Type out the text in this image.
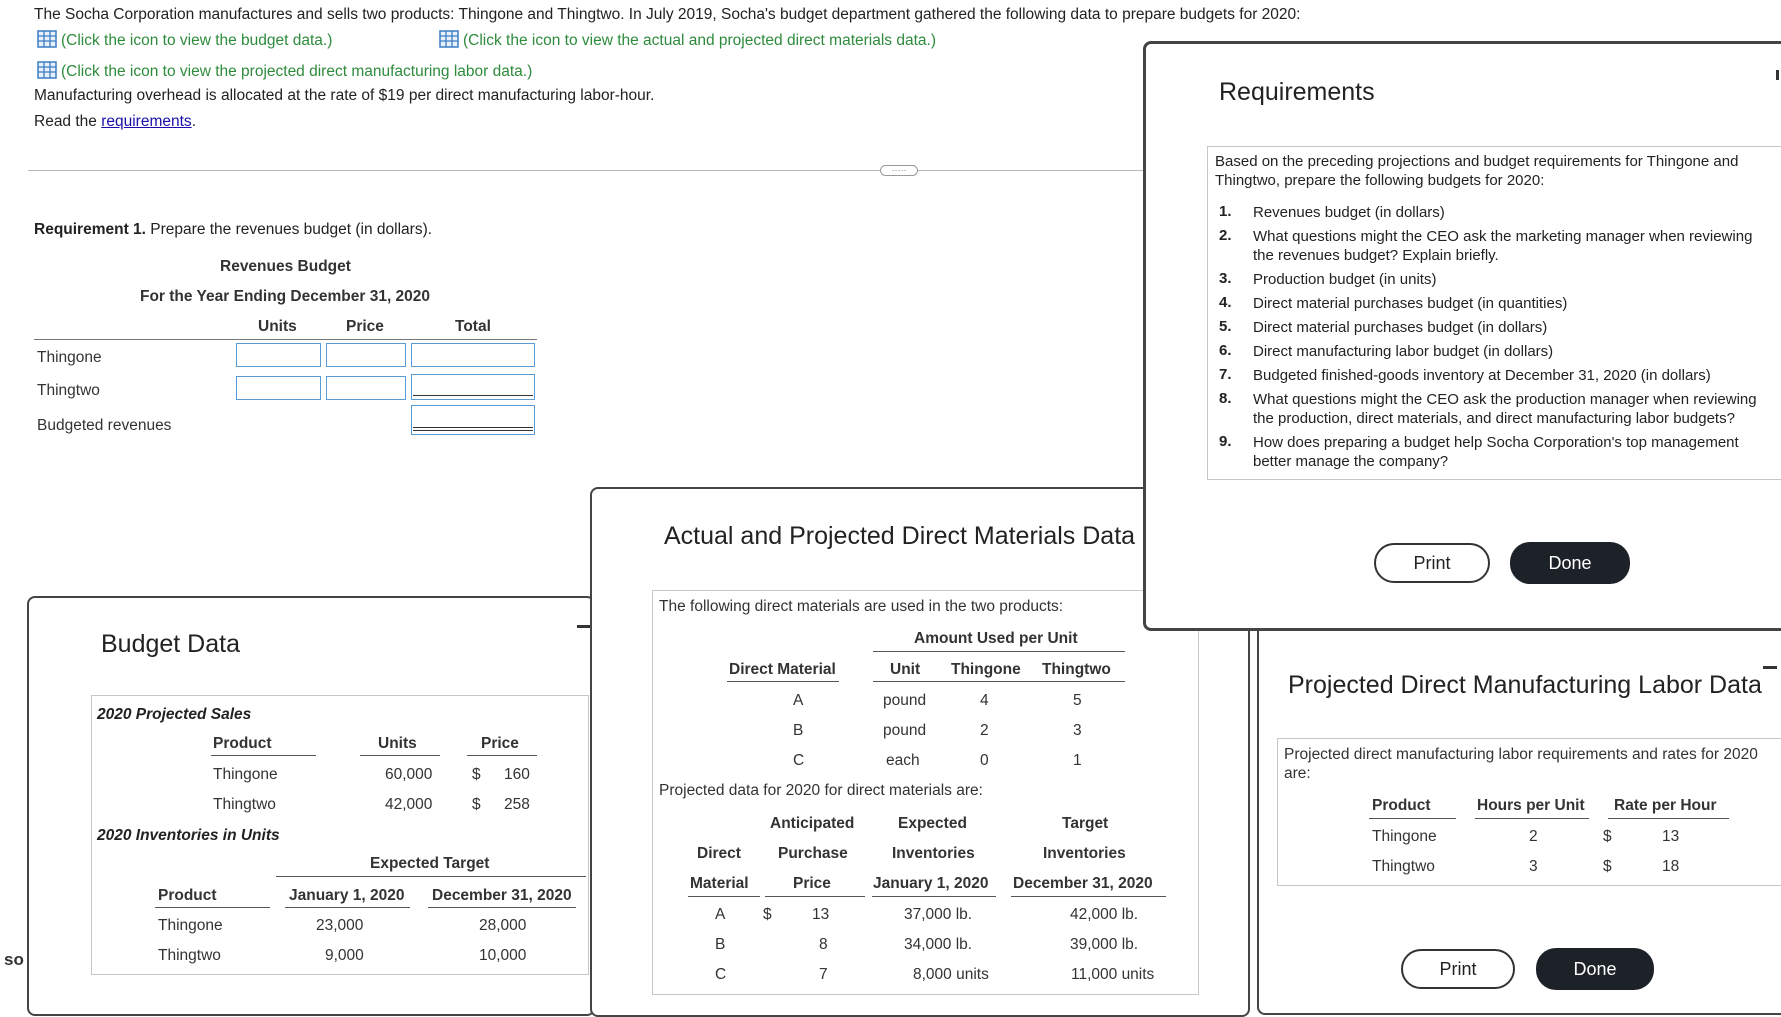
The Socha Corporation manufactures and sells two products: Thingone and Thingtwo. In July 2019, Socha's budget department gathered the following data to prepare budgets for 2020:
(Click the icon to view the budget data.)	(Click the icon to view the actual and projected direct materials data.)
(Click the icon to view the projected direct manufacturing labor data.)
Manufacturing overhead is allocated at the rate of $19 per direct manufacturing labor-hour.
Read the requirements.
·····
Requirement 1. Prepare the revenues budget (in dollars).
Revenues Budget
For the Year Ending December 31, 2020
Units	Price	Total
Thingone
Thingtwo
Budgeted revenues
so
Budget Data
2020 Projected Sales
Product	Units	Price
Thingone	60,000	$ 160
Thingtwo	42,000	$ 258
2020 Inventories in Units
Expected Target
Product	January 1, 2020 December 31, 2020
Thingone	23,000	28,000
Thingtwo	9,000	10,000
Actual and Projected Direct Materials Data
The following direct materials are used in the two products:
Amount Used per Unit
Direct Material	Unit Thingone Thingtwo
A	pound	4	5
B	pound	2	3
C	each	0	1
Projected data for 2020 for direct materials are:
Anticipated	Expected	Target
Direct Purchase	Inventories	Inventories
Material	Price	January 1, 2020 December 31, 2020
A $	13	37,000 lb.	42,000 lb.
B	8	34,000 lb.	39,000 lb.
C	7	8,000 units	11,000 units
Projected Direct Manufacturing Labor Data
Projected direct manufacturing labor requirements and rates for 2020 are:
Product	Hours per Unit Rate per Hour
Thingone	2	$	13
Thingtwo	3	$	18
Print	Done
Requirements
Based on the preceding projections and budget requirements for Thingone and Thingtwo, prepare the following budgets for 2020:
1. Revenues budget (in dollars)
2. What questions might the CEO ask the marketing manager when reviewing the revenues budget? Explain briefly.
3. Production budget (in units)
4. Direct material purchases budget (in quantities)
5. Direct material purchases budget (in dollars)
6. Direct manufacturing labor budget (in dollars)
7. Budgeted finished-goods inventory at December 31, 2020 (in dollars)
8. What questions might the CEO ask the production manager when reviewing the production, direct materials, and direct manufacturing labor budgets?
9. How does preparing a budget help Socha Corporation's top management better manage the company?
Print	Done
